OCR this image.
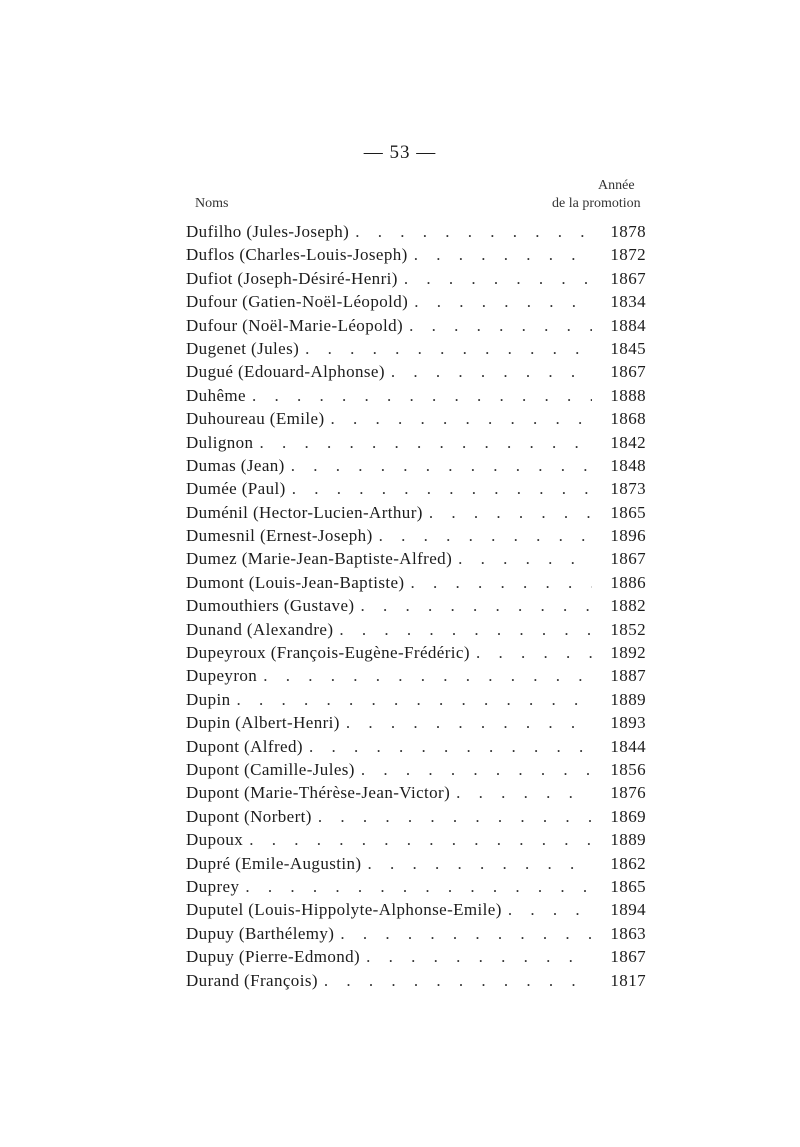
— 53 —
Noms
Année
de la promotion
Dufilho (Jules-Joseph) . . .	1878
Duflos (Charles-Louis-Joseph) . . .	1872
Dufiot (Joseph-Désiré-Henri) . . .	1867
Dufour (Gatien-Noël-Léopold) . . .	1834
Dufour (Noël-Marie-Léopold) . . .	1884
Dugenet (Jules) . . .	1845
Dugué (Edouard-Alphonse) . . .	1867
Duhême . . .	1888
Duhoureau (Emile) . . .	1868
Dulignon . . .	1842
Dumas (Jean) . . .	1848
Dumée (Paul) . . .	1873
Duménil (Hector-Lucien-Arthur) . . .	1865
Dumesnil (Ernest-Joseph) . . .	1896
Dumez (Marie-Jean-Baptiste-Alfred) . . .	1867
Dumont (Louis-Jean-Baptiste) . . .	1886
Dumouthiers (Gustave) . . .	1882
Dunand (Alexandre) . . .	1852
Dupeyroux (François-Eugène-Frédéric) . . .	1892
Dupeyron . . .	1887
Dupin . . .	1889
Dupin (Albert-Henri) . . .	1893
Dupont (Alfred) . . .	1844
Dupont (Camille-Jules) . . .	1856
Dupont (Marie-Thérèse-Jean-Victor) . . .	1876
Dupont (Norbert) . . .	1869
Dupoux . . .	1889
Dupré (Emile-Augustin) . . .	1862
Duprey . . .	1865
Duputel (Louis-Hippolyte-Alphonse-Emile) . . .	1894
Dupuy (Barthélemy) . . .	1863
Dupuy (Pierre-Edmond) . . .	1867
Durand (François) . . .	1817
